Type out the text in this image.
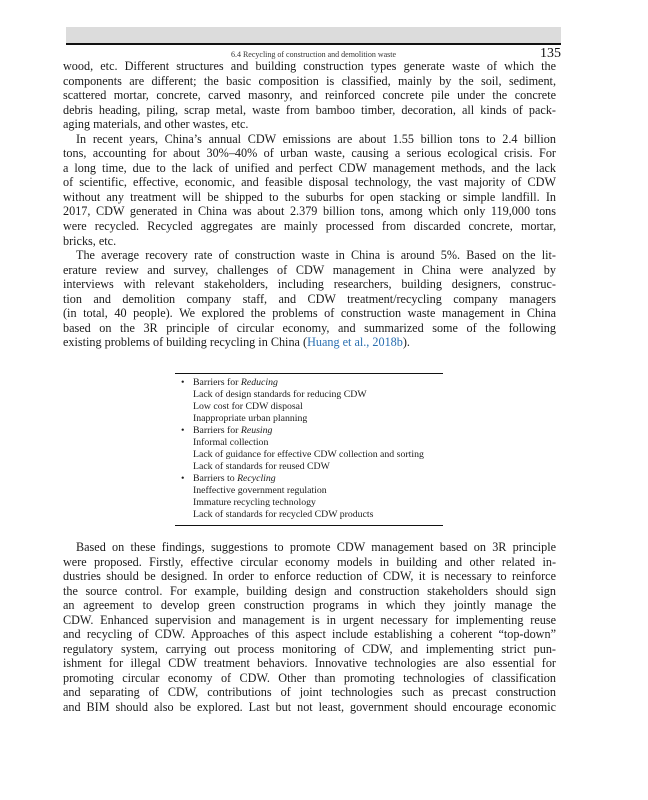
6.4 Recycling of construction and demolition waste	135
wood, etc. Different structures and building construction types generate waste of which the
components are different; the basic composition is classified, mainly by the soil, sediment,
scattered mortar, concrete, carved masonry, and reinforced concrete pile under the concrete
debris heading, piling, scrap metal, waste from bamboo timber, decoration, all kinds of pack-
aging materials, and other wastes, etc.
In recent years, China’s annual CDW emissions are about 1.55 billion tons to 2.4 billion
tons, accounting for about 30%–40% of urban waste, causing a serious ecological crisis. For
a long time, due to the lack of unified and perfect CDW management methods, and the lack
of scientific, effective, economic, and feasible disposal technology, the vast majority of CDW
without any treatment will be shipped to the suburbs for open stacking or simple landfill. In
2017, CDW generated in China was about 2.379 billion tons, among which only 119,000 tons
were recycled. Recycled aggregates are mainly processed from discarded concrete, mortar,
bricks, etc.
The average recovery rate of construction waste in China is around 5%. Based on the lit-
erature review and survey, challenges of CDW management in China were analyzed by
interviews with relevant stakeholders, including researchers, building designers, construc-
tion and demolition company staff, and CDW treatment/recycling company managers
(in total, 40 people). We explored the problems of construction waste management in China
based on the 3R principle of circular economy, and summarized some of the following
existing problems of building recycling in China (Huang et al., 2018b).
• Barriers for Reducing
Lack of design standards for reducing CDW
Low cost for CDW disposal
Inappropriate urban planning
• Barriers for Reusing
Informal collection
Lack of guidance for effective CDW collection and sorting
Lack of standards for reused CDW
• Barriers to Recycling
Ineffective government regulation
Immature recycling technology
Lack of standards for recycled CDW products
Based on these findings, suggestions to promote CDW management based on 3R principle
were proposed. Firstly, effective circular economy models in building and other related in-
dustries should be designed. In order to enforce reduction of CDW, it is necessary to reinforce
the source control. For example, building design and construction stakeholders should sign
an agreement to develop green construction programs in which they jointly manage the
CDW. Enhanced supervision and management is in urgent necessary for implementing reuse
and recycling of CDW. Approaches of this aspect include establishing a coherent “top-down”
regulatory system, carrying out process monitoring of CDW, and implementing strict pun-
ishment for illegal CDW treatment behaviors. Innovative technologies are also essential for
promoting circular economy of CDW. Other than promoting technologies of classification
and separating of CDW, contributions of joint technologies such as precast construction
and BIM should also be explored. Last but not least, government should encourage economic
